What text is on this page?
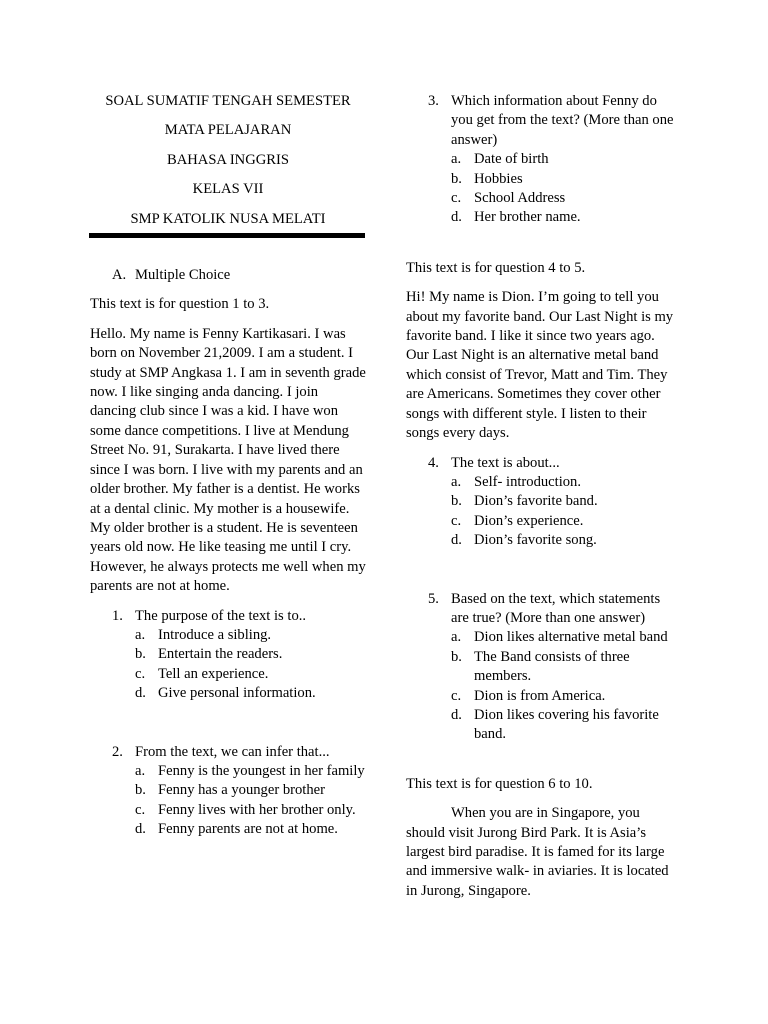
SOAL SUMATIF TENGAH SEMESTER

MATA PELAJARAN

BAHASA INGGRIS

KELAS VII

SMP KATOLIK NUSA MELATI

A. Multiple Choice

This text is for question 1 to 3.

Hello. My name is Fenny Kartikasari. I was born on November 21,2009. I am a student. I study at SMP Angkasa 1. I am in seventh grade now. I like singing anda dancing. I join dancing club since I was a kid. I have won some dance competitions. I live at Mendung Street No. 91, Surakarta. I have lived there since I was born. I live with my parents and an older brother. My father is a dentist. He works at a dental clinic. My mother is a housewife. My older brother is a student. He is seventeen years old now. He like teasing me until I cry. However, he always protects me well when my parents are not at home.

1. The purpose of the text is to..
a. Introduce a sibling.
b. Entertain the readers.
c. Tell an experience.
d. Give personal information.
2. From the text, we can infer that...
a. Fenny is the youngest in her family
b. Fenny has a younger brother
c. Fenny lives with her brother only.
d. Fenny parents are not at home.
3. Which information about Fenny do you get from the text? (More than one answer)
a. Date of birth
b. Hobbies
c. School Address
d. Her brother name.

This text is for question 4 to 5.

Hi! My name is Dion. I’m going to tell you about my favorite band. Our Last Night is my favorite band. I like it since two years ago. Our Last Night is an alternative metal band which consist of Trevor, Matt and Tim. They are Americans. Sometimes they cover other songs with different style. I listen to their songs every days.

4. The text is about...
a. Self- introduction.
b. Dion’s favorite band.
c. Dion’s experience.
d. Dion’s favorite song.
5. Based on the text, which statements are true? (More than one answer)
a. Dion likes alternative metal band
b. The Band consists of three members.
c. Dion is from America.
d. Dion likes covering his favorite band.

This text is for question 6 to 10.

When you are in Singapore, you should visit Jurong Bird Park. It is Asia’s largest bird paradise. It is famed for its large and immersive walk- in aviaries. It is located in Jurong, Singapore.
